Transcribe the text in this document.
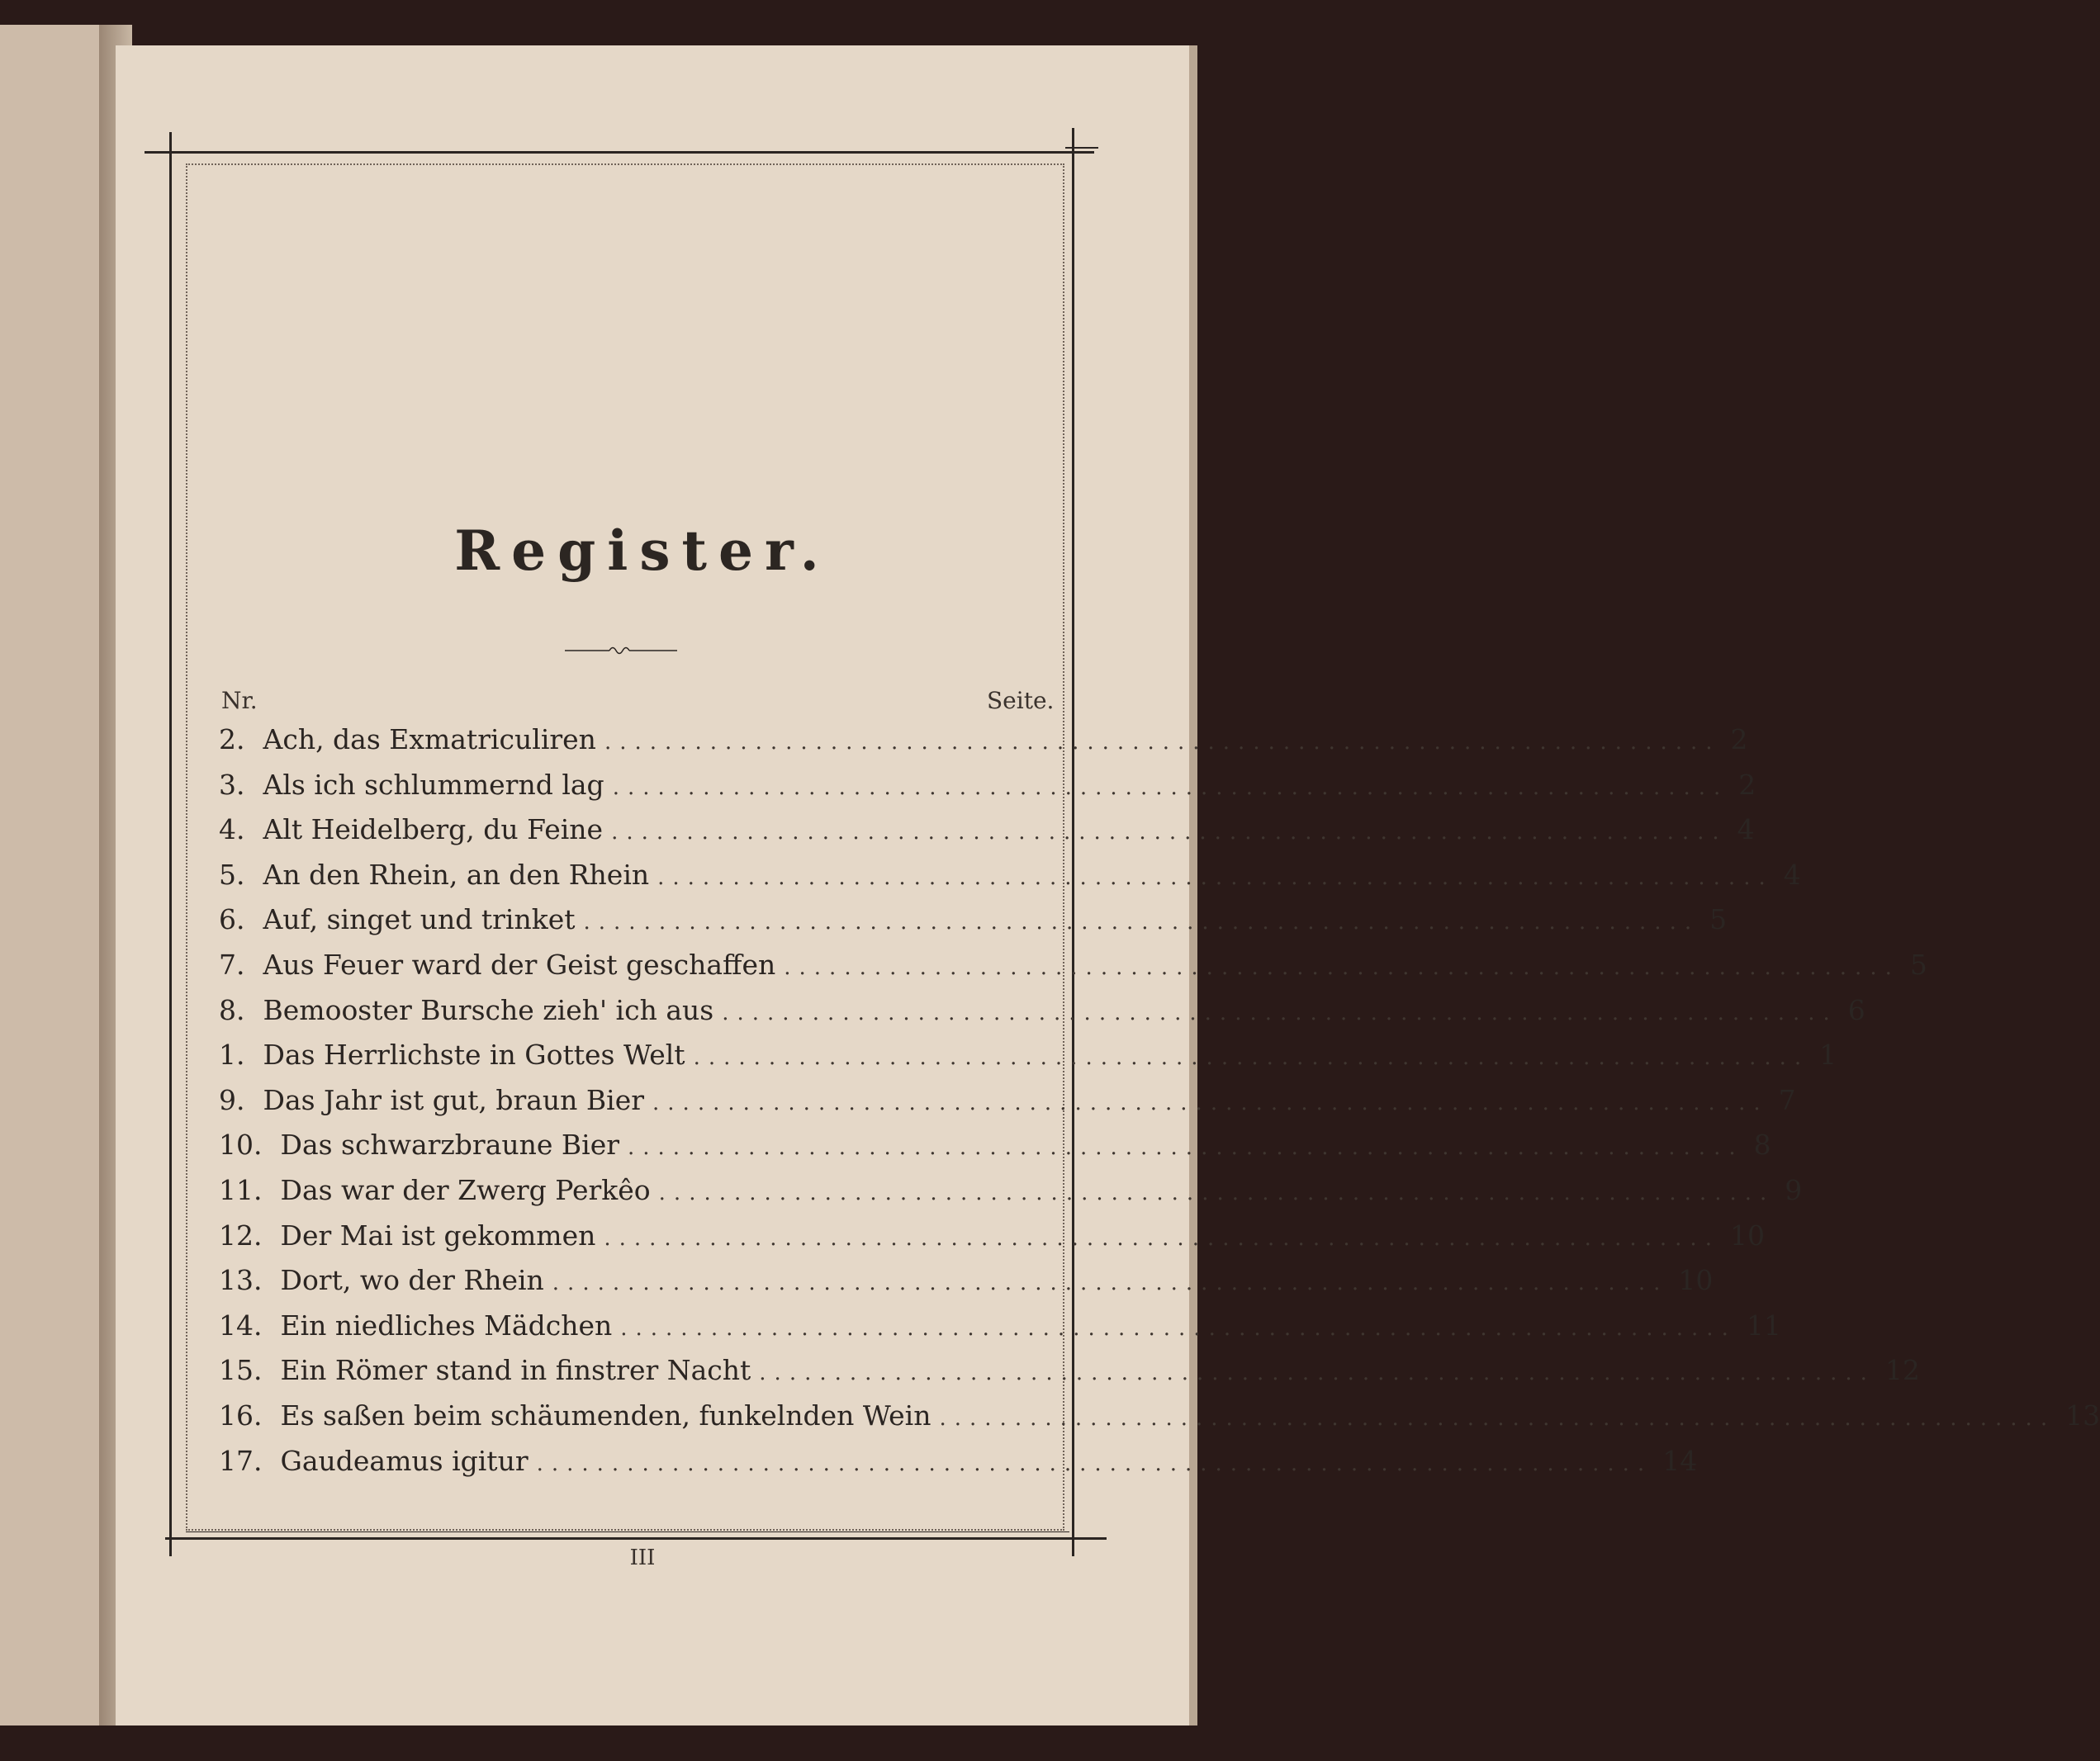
Register.
Nr.	Seite.
2. Ach, das Exmatriculiren .......................................................................... 2
3. Als ich schlummernd lag .......................................................................... 2
4. Alt Heidelberg, du Feine .......................................................................... 4
5. An den Rhein, an den Rhein .......................................................................... 4
6. Auf, singet und trinket .......................................................................... 5
7. Aus Feuer ward der Geist geschaffen .......................................................................... 5
8. Bemooster Bursche zieh' ich aus .......................................................................... 6
1. Das Herrlichste in Gottes Welt .......................................................................... 1
9. Das Jahr ist gut, braun Bier .......................................................................... 7
10. Das schwarzbraune Bier .......................................................................... 8
11. Das war der Zwerg Perkêo .......................................................................... 9
12. Der Mai ist gekommen .......................................................................... 10
13. Dort, wo der Rhein .......................................................................... 10
14. Ein niedliches Mädchen .......................................................................... 11
15. Ein Römer stand in finstrer Nacht .......................................................................... 12
16. Es saßen beim schäumenden, funkelnden Wein .......................................................................... 13
17. Gaudeamus igitur .......................................................................... 14
III
